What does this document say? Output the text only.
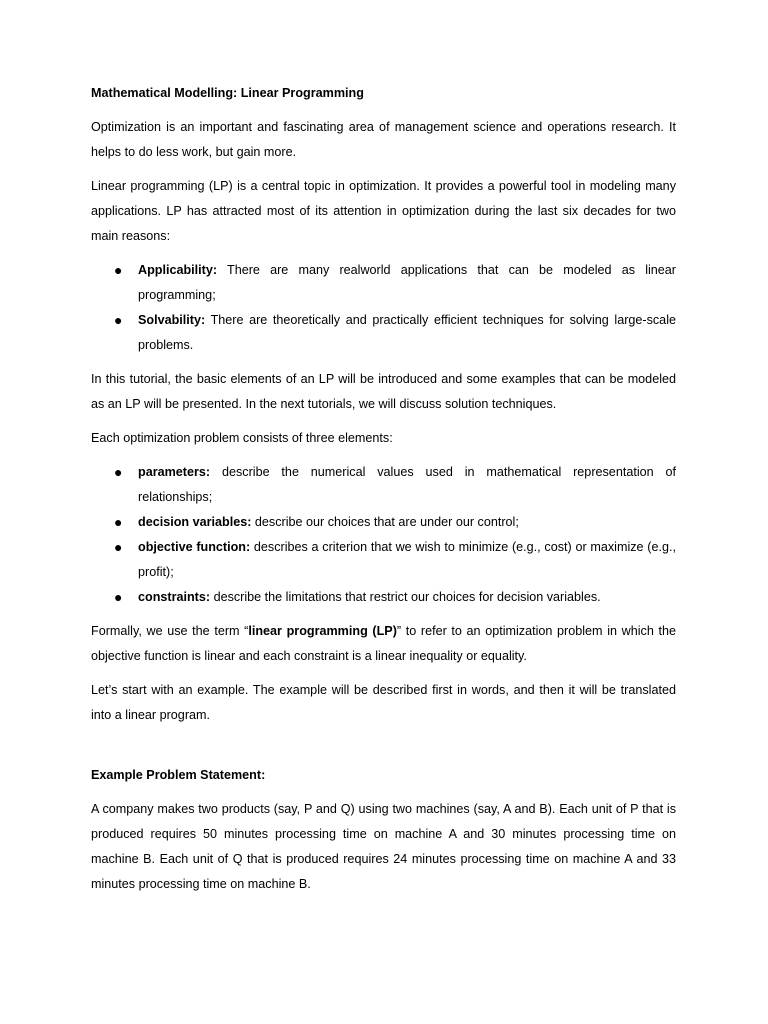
Mathematical Modelling: Linear Programming

Optimization is an important and fascinating area of management science and operations research. It helps to do less work, but gain more.

Linear programming (LP) is a central topic in optimization. It provides a powerful tool in modeling many applications. LP has attracted most of its attention in optimization during the last six decades for two main reasons:

● Applicability: There are many realworld applications that can be modeled as linear programming;
● Solvability: There are theoretically and practically efficient techniques for solving large-scale problems.

In this tutorial, the basic elements of an LP will be introduced and some examples that can be modeled as an LP will be presented. In the next tutorials, we will discuss solution techniques.

Each optimization problem consists of three elements:

● parameters: describe the numerical values used in mathematical representation of relationships;
● decision variables: describe our choices that are under our control;
● objective function: describes a criterion that we wish to minimize (e.g., cost) or maximize (e.g., profit);
● constraints: describe the limitations that restrict our choices for decision variables.

Formally, we use the term “linear programming (LP)” to refer to an optimization problem in which the objective function is linear and each constraint is a linear inequality or equality.

Let’s start with an example. The example will be described first in words, and then it will be translated into a linear program.

Example Problem Statement:

A company makes two products (say, P and Q) using two machines (say, A and B). Each unit of P that is produced requires 50 minutes processing time on machine A and 30 minutes processing time on machine B. Each unit of Q that is produced requires 24 minutes processing time on machine A and 33 minutes processing time on machine B.
